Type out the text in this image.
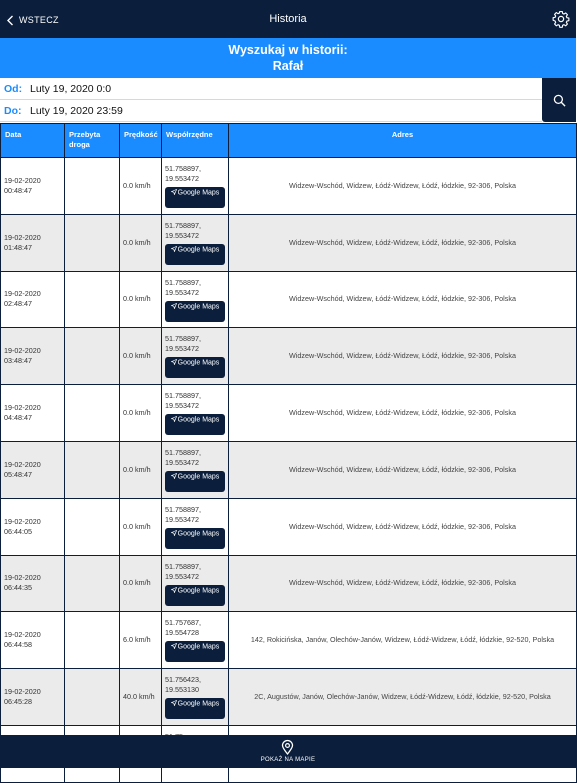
WSTECZ	Historia
Wyszukaj w historii:
Rafał
Od:
Luty 19, 2020 0:0
Do:
Luty 19, 2020 23:59
Data	Przebyta droga	Prędkość	Współrzędne	Adres
19-02-2020
00:48:47		0.0 km/h	51.758897,
19.553472
Google Maps	Widzew-Wschód, Widzew, Łódź-Widzew, Łódź, łódzkie, 92-306, Polska
19-02-2020
01:48:47		0.0 km/h	51.758897,
19.553472
Google Maps	Widzew-Wschód, Widzew, Łódź-Widzew, Łódź, łódzkie, 92-306, Polska
19-02-2020
02:48:47		0.0 km/h	51.758897,
19.553472
Google Maps	Widzew-Wschód, Widzew, Łódź-Widzew, Łódź, łódzkie, 92-306, Polska
19-02-2020
03:48:47		0.0 km/h	51.758897,
19.553472
Google Maps	Widzew-Wschód, Widzew, Łódź-Widzew, Łódź, łódzkie, 92-306, Polska
19-02-2020
04:48:47		0.0 km/h	51.758897,
19.553472
Google Maps	Widzew-Wschód, Widzew, Łódź-Widzew, Łódź, łódzkie, 92-306, Polska
19-02-2020
05:48:47		0.0 km/h	51.758897,
19.553472
Google Maps	Widzew-Wschód, Widzew, Łódź-Widzew, Łódź, łódzkie, 92-306, Polska
19-02-2020
06:44:05		0.0 km/h	51.758897,
19.553472
Google Maps	Widzew-Wschód, Widzew, Łódź-Widzew, Łódź, łódzkie, 92-306, Polska
19-02-2020
06:44:35		0.0 km/h	51.758897,
19.553472
Google Maps	Widzew-Wschód, Widzew, Łódź-Widzew, Łódź, łódzkie, 92-306, Polska
19-02-2020
06:44:58		6.0 km/h	51.757687,
19.554728
Google Maps	142, Rokicińska, Janów, Olechów-Janów, Widzew, Łódź-Widzew, Łódź, łódzkie, 92-520, Polska
19-02-2020
06:45:28		40.0 km/h	51.756423,
19.553130
Google Maps	2C, Augustów, Janów, Olechów-Janów, Widzew, Łódź-Widzew, Łódź, łódzkie, 92-520, Polska

POKAŻ NA MAPIE
